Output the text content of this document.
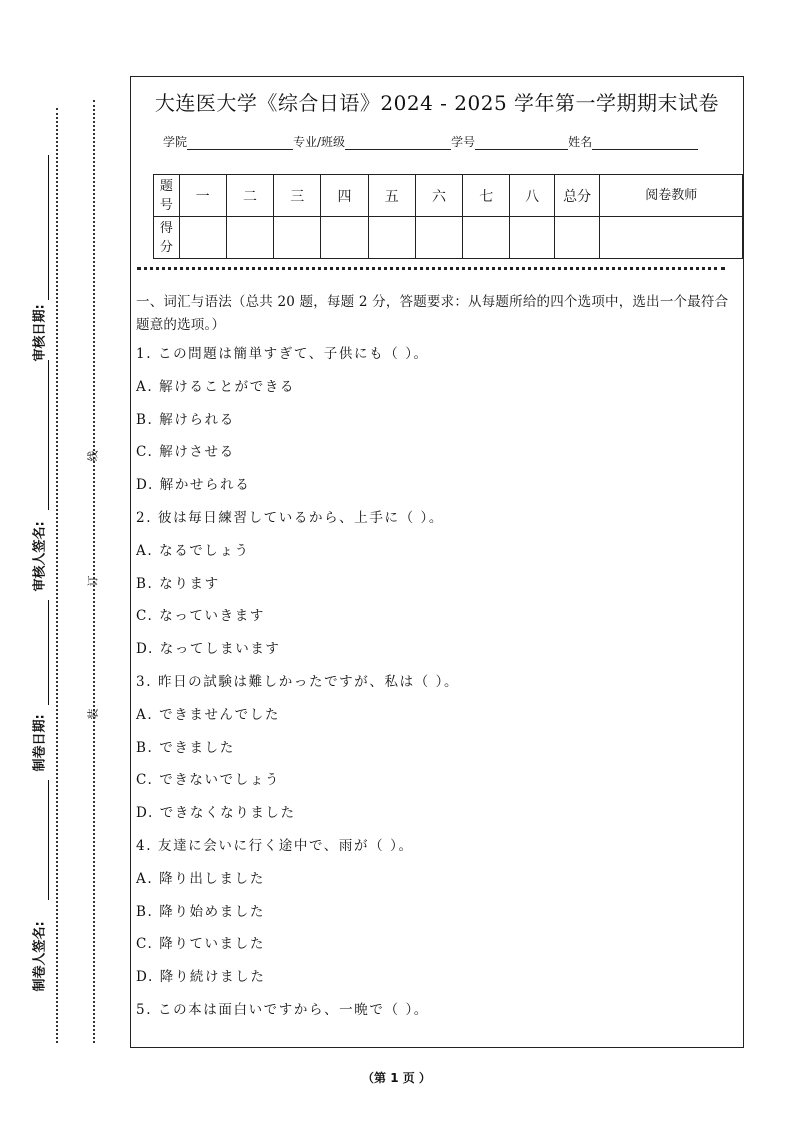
审核日期:
审核人签名:
制卷日期:
制卷人签名:
线
订
装
大连医大学《综合日语》2024 - 2025 学年第一学期期末试卷
学院	专业/班级	学号	姓名
题号	一	二	三	四	五	六	七	八	总分	阅卷教师
得分										

一、词汇与语法（总共 20 题，每题 2 分，答题要求：从每题所给的四个选项中，选出一个最符合题意的选项。）

1. この問題は簡単すぎて、子供にも（ ）。
A. 解けることができる
B. 解けられる
C. 解けさせる
D. 解かせられる
2. 彼は毎日練習しているから、上手に（ ）。
A. なるでしょう
B. なります
C. なっていきます
D. なってしまいます
3. 昨日の試験は難しかったですが、私は（ ）。
A. できませんでした
B. できました
C. できないでしょう
D. できなくなりました
4. 友達に会いに行く途中で、雨が（ ）。
A. 降り出しました
B. 降り始めました
C. 降りていました
D. 降り続けました
5. この本は面白いですから、一晩で（ ）。
（第 1 页 ）
